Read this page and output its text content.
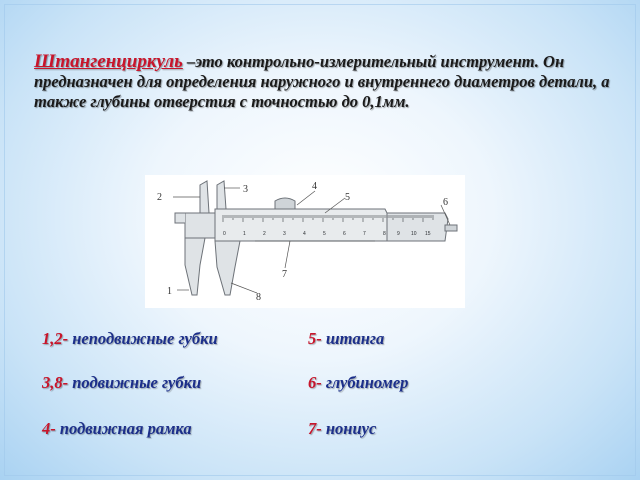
Штангенциркуль –это контрольно-измерительный инструмент. Он предназначен для определения наружного и внутреннего диаметров детали, а также глубины отверстия с точностью до 0,1мм.
0	1	2	3	4	5	6	7	8 9 10 15
2
3	4
5	6
7
1
8
1,2- неподвижные губки
3,8- подвижные губки
4- подвижная рамка
5- штанга
6- глубиномер
7- нониус
